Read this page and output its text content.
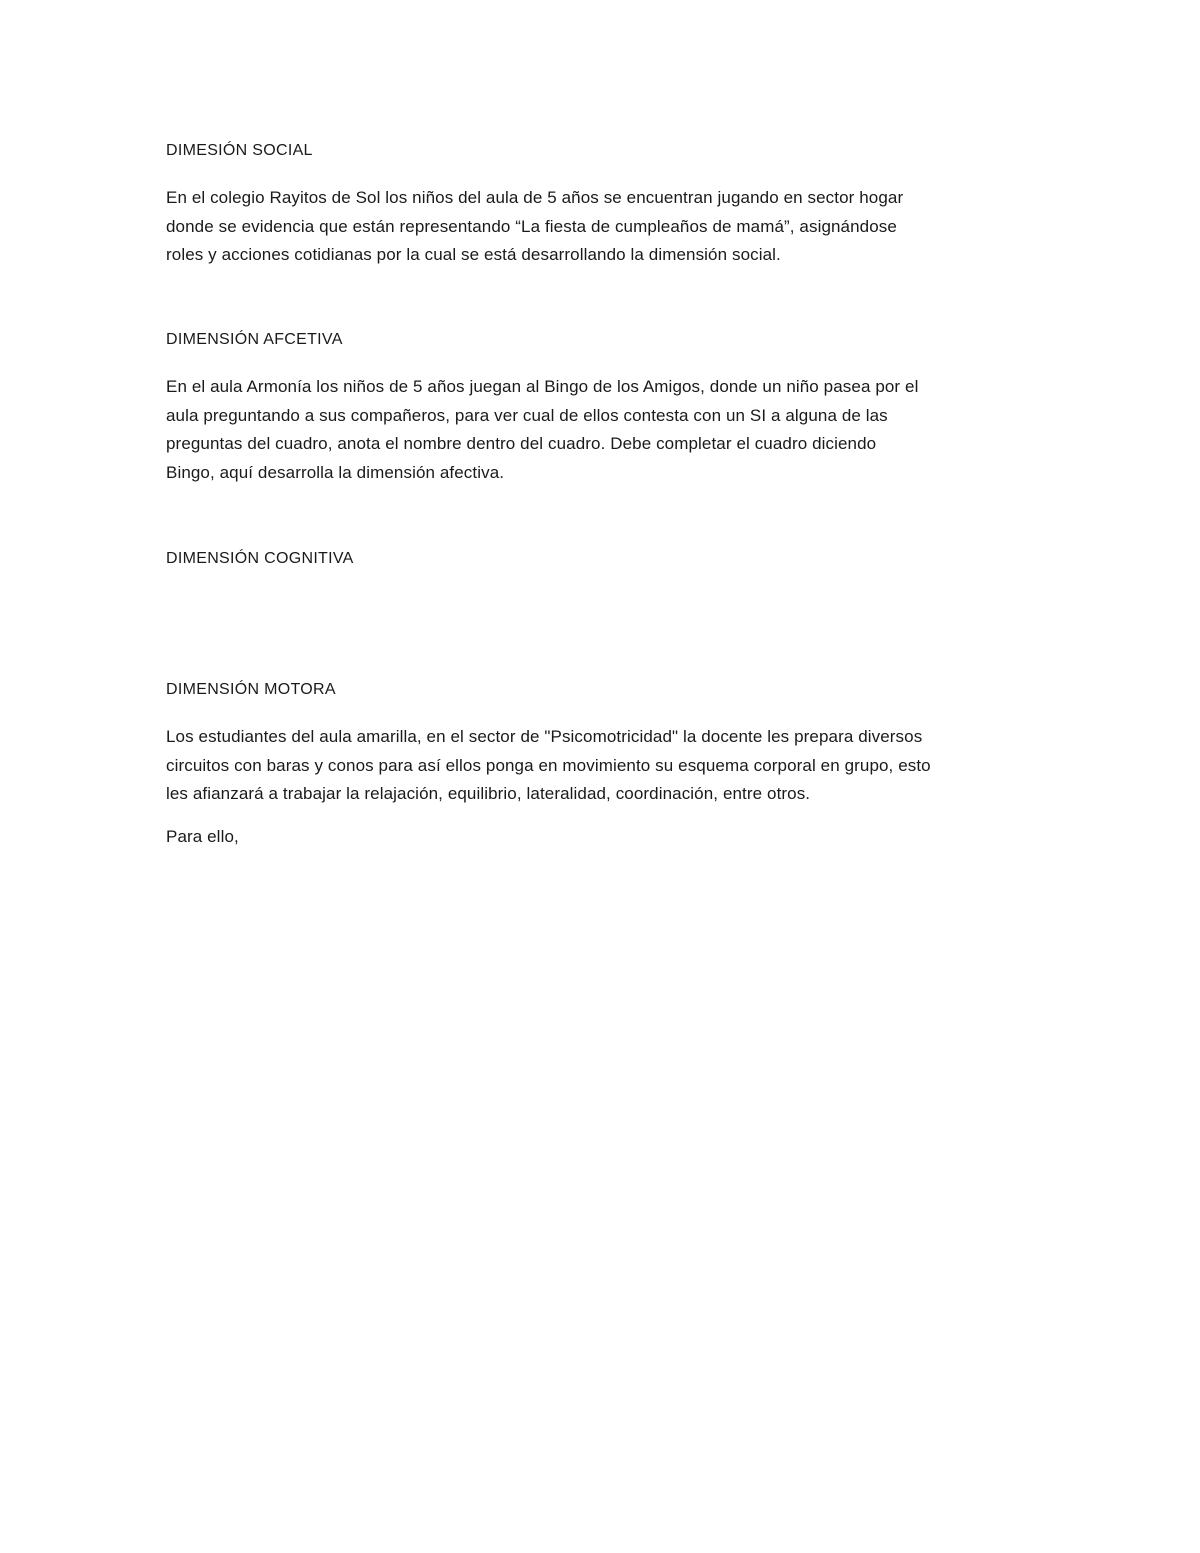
DIMESIÓN SOCIAL

En el colegio Rayitos de Sol los niños del aula de 5 años se encuentran jugando en sector hogar
donde se evidencia que están representando “La fiesta de cumpleaños de mamá”, asignándose
roles y acciones cotidianas por la cual se está desarrollando la dimensión social.

DIMENSIÓN AFCETIVA

En el aula Armonía los niños de 5 años juegan al Bingo de los Amigos, donde un niño pasea por el
aula preguntando a sus compañeros, para ver cual de ellos contesta con un SI a alguna de las
preguntas del cuadro, anota el nombre dentro del cuadro. Debe completar el cuadro diciendo
Bingo, aquí desarrolla la dimensión afectiva.

DIMENSIÓN COGNITIVA

DIMENSIÓN MOTORA

Los estudiantes del aula amarilla, en el sector de "Psicomotricidad" la docente les prepara diversos
circuitos con baras y conos para así ellos ponga en movimiento su esquema corporal en grupo, esto
les afianzará a trabajar la relajación, equilibrio, lateralidad, coordinación, entre otros.

Para ello,
